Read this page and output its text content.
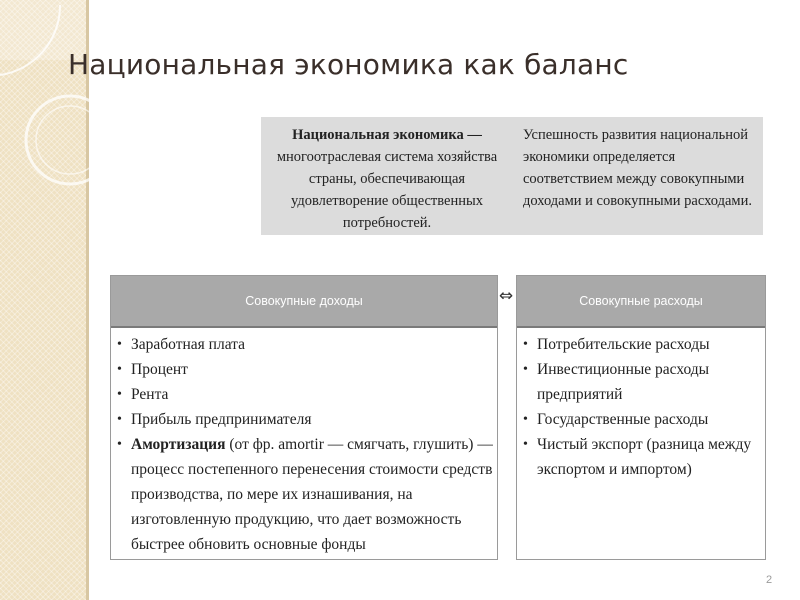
Национальная экономика как баланс
Национальная экономика — многоотраслевая система хозяйства страны, обеспечивающая удовлетворение общественных потребностей.
Успешность развития национальной экономики определяется соответствием между совокупными доходами и совокупными расходами.
Совокупные доходы
• Заработная плата
• Процент
• Рента
• Прибыль предпринимателя
• Амортизация (от фр. amortir — смягчать, глушить) — процесс постепенного перенесения стоимости средств производства, по мере их изнашивания, на изготовленную продукцию, что дает возможность быстрее обновить основные фонды
⇔	Совокупные расходы
• Потребительские расходы
• Инвестиционные расходы предприятий
• Государственные расходы
• Чистый экспорт (разница между экспортом и импортом)
2
